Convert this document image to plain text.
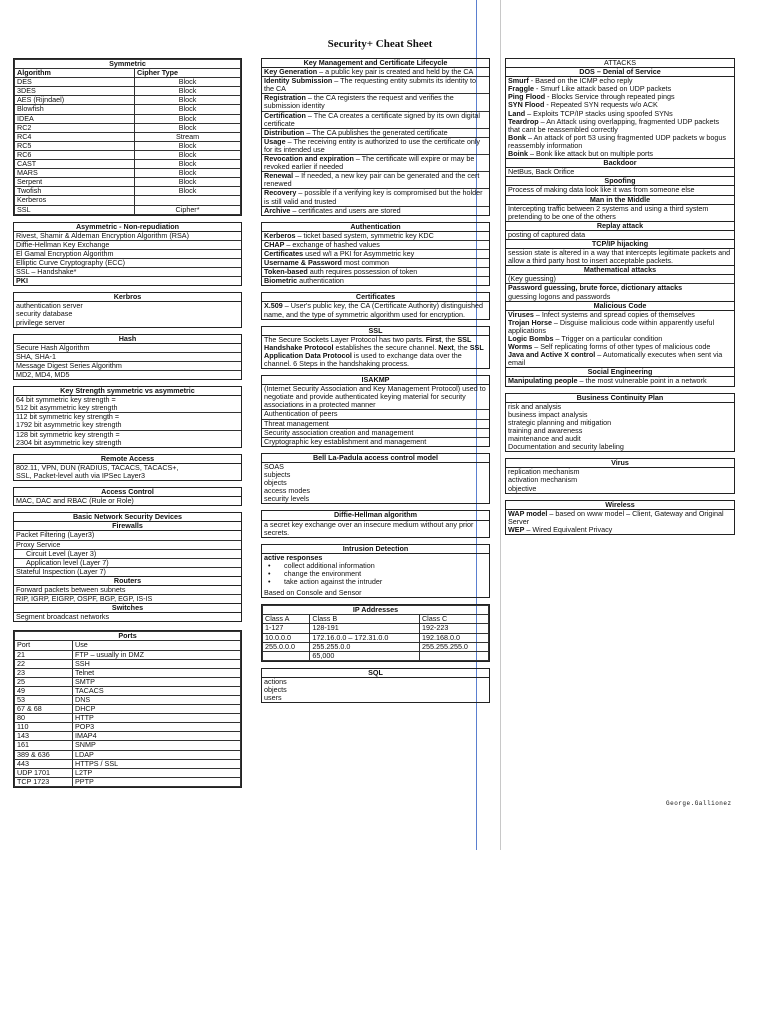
Security+ Cheat Sheet
Symmetric	
Algorithm	Cipher Type
DES	Block
3DES	Block
AES (Rijndael)	Block
Blowfish	Block
IDEA	Block
RC2	Block
RC4	Stream
RC5	Block
RC6	Block
CAST	Block
MARS	Block
Serpent	Block
Twofish	Block
Kerberos	
SSL	Cipher*
Asymmetric - Non-repudiation
Rivest, Shamir & Aldeman Encryption Algorithm (RSA)
Diffie-Hellman Key Exchange
El Gamal Encryption Algorithm
Elliptic Curve Cryptography (ECC)
SSL – Handshake*
PKI
Kerbros
authentication server
security database
privilege server
Hash
Secure Hash Algorithm
SHA, SHA-1
Message Digest Series Algorithm
MD2, MD4, MD5
Key Strength symmetric vs asymmetric
64 bit symmetric key strength =
512 bit asymmetric key strength
112 bit symmetric key strength =
1792 bit asymmetric key strength
128 bit symmetric key strength =
2304 bit asymmetric key strength
Remote Access
802.11, VPN, DUN (RADIUS, TACACS, TACACS+,
SSL, Packet-level auth via IPSec Layer3
Access Control
MAC, DAC and RBAC (Rule or Role)
Basic Network Security Devices
Firewalls
Packet Filtering (Layer3)
Proxy Service
Circuit Level (Layer 3)
Application level (Layer 7)
Stateful Inspection (Layer 7)
Routers
Forward packets between subnets
RIP, IGRP, EIGRP, OSPF, BGP, EGP, IS-IS
Switches
Segment broadcast networks
Ports	
Port	Use
21	FTP – usually in DMZ
22	SSH
23	Telnet
25	SMTP
49	TACACS
53	DNS
67 & 68	DHCP
80	HTTP
110	POP3
143	IMAP4
161	SNMP
389 & 636	LDAP
443	HTTPS / SSL
UDP 1701	L2TP
TCP 1723	PPTP
Key Management and Certificate Lifecycle
Key Generation – a public key pair is created and held by the CA
Identity Submission – The requesting entity submits its identity to the CA
Registration – the CA registers the request and verifies the submission identity
Certification – The CA creates a certificate signed by its own digital certificate
Distribution – The CA publishes the generated certificate
Usage – The receiving entity is authorized to use the certificate only for its intended use
Revocation and expiration – The certificate will expire or may be revoked earlier if needed
Renewal – If needed, a new key pair can be generated and the cert renewed
Recovery – possible if a verifying key is compromised but the holder is still valid and trusted
Archive – certificates and users are stored
Authentication
Kerberos – ticket based system, symmetric key KDC
CHAP – exchange of hashed values
Certificates used w/I a PKI for Asymmetric key
Username & Password most common
Token-based auth requires possession of token
Biometric authentication
Certificates
X.509 – User's public key, the CA (Certificate Authority) distinguished name, and the type of symmetric algorithm used for encryption.
SSL
The Secure Sockets Layer Protocol has two parts. First, the SSL Handshake Protocol establishes the secure channel. Next, the SSL Application Data Protocol is used to exchange data over the channel. 6 Steps in the handshaking process.
ISAKMP
(Internet Security Association and Key Management Protocol) used to negotiate and provide authenticated keying material for security associations in a protected manner
Authentication of peers
Threat management
Security association creation and management
Cryptographic key establishment and management
Bell La-Padula access control model
SOAS
subjects
objects
access modes
security levels
Diffie-Hellman algorithm
a secret key exchange over an insecure medium without any prior secrets.
Intrusion Detection
active responses
• collect additional information
• change the environment
• take action against the intruder
Based on Console and Sensor
IP Addresses		
Class A	Class B	Class C
1-127	128-191	192-223
10.0.0.0	172.16.0.0 – 172.31.0.0	192.168.0.0
255.0.0.0	255.255.0.0	255.255.255.0
	65,000	
SQL
actions
objects
users
ATTACKS
DOS – Denial of Service
Smurf - Based on the ICMP echo reply
Fraggle - Smurf Like attack based on UDP packets
Ping Flood - Blocks Service through repeated pings
SYN Flood - Repeated SYN requests w/o ACK
Land – Exploits TCP/IP stacks using spoofed SYNs
Teardrop – An Attack using overlapping, fragmented UDP packets that cant be reassembled correctly
Bonk – An attack of port 53 using fragmented UDP packets w bogus reassembly information
Boink – Bonk like attack but on multiple ports
Backdoor
NetBus, Back Orifice
Spoofing
Process of making data look like it was from someone else
Man in the Middle
Intercepting traffic between 2 systems and using a third system pretending to be one of the others
Replay attack
posting of captured data
TCP/IP hijacking
session state is altered in a way that intercepts legitimate packets and allow a third party host to insert acceptable packets.
Mathematical attacks
(Key guessing)
Password guessing, brute force, dictionary attacks
guessing logons and passwords
Malicious Code
Viruses – Infect systems and spread copies of themselves
Trojan Horse – Disguise malicious code within apparently useful applications
Logic Bombs – Trigger on a particular condition
Worms – Self replicating forms of other types of malicious code
Java and Active X control – Automatically executes when sent via email
Social Engineering
Manipulating people – the most vulnerable point in a network
Business Continuity Plan
risk and analysis
business impact analysis
strategic planning and mitigation
training and awareness
maintenance and audit
Documentation and security labeling
Virus
replication mechanism
activation mechanism
objective
Wireless
WAP model – based on www model – Client, Gateway and Original Server
WEP – Wired Equivalent Privacy
George.Gallionez
